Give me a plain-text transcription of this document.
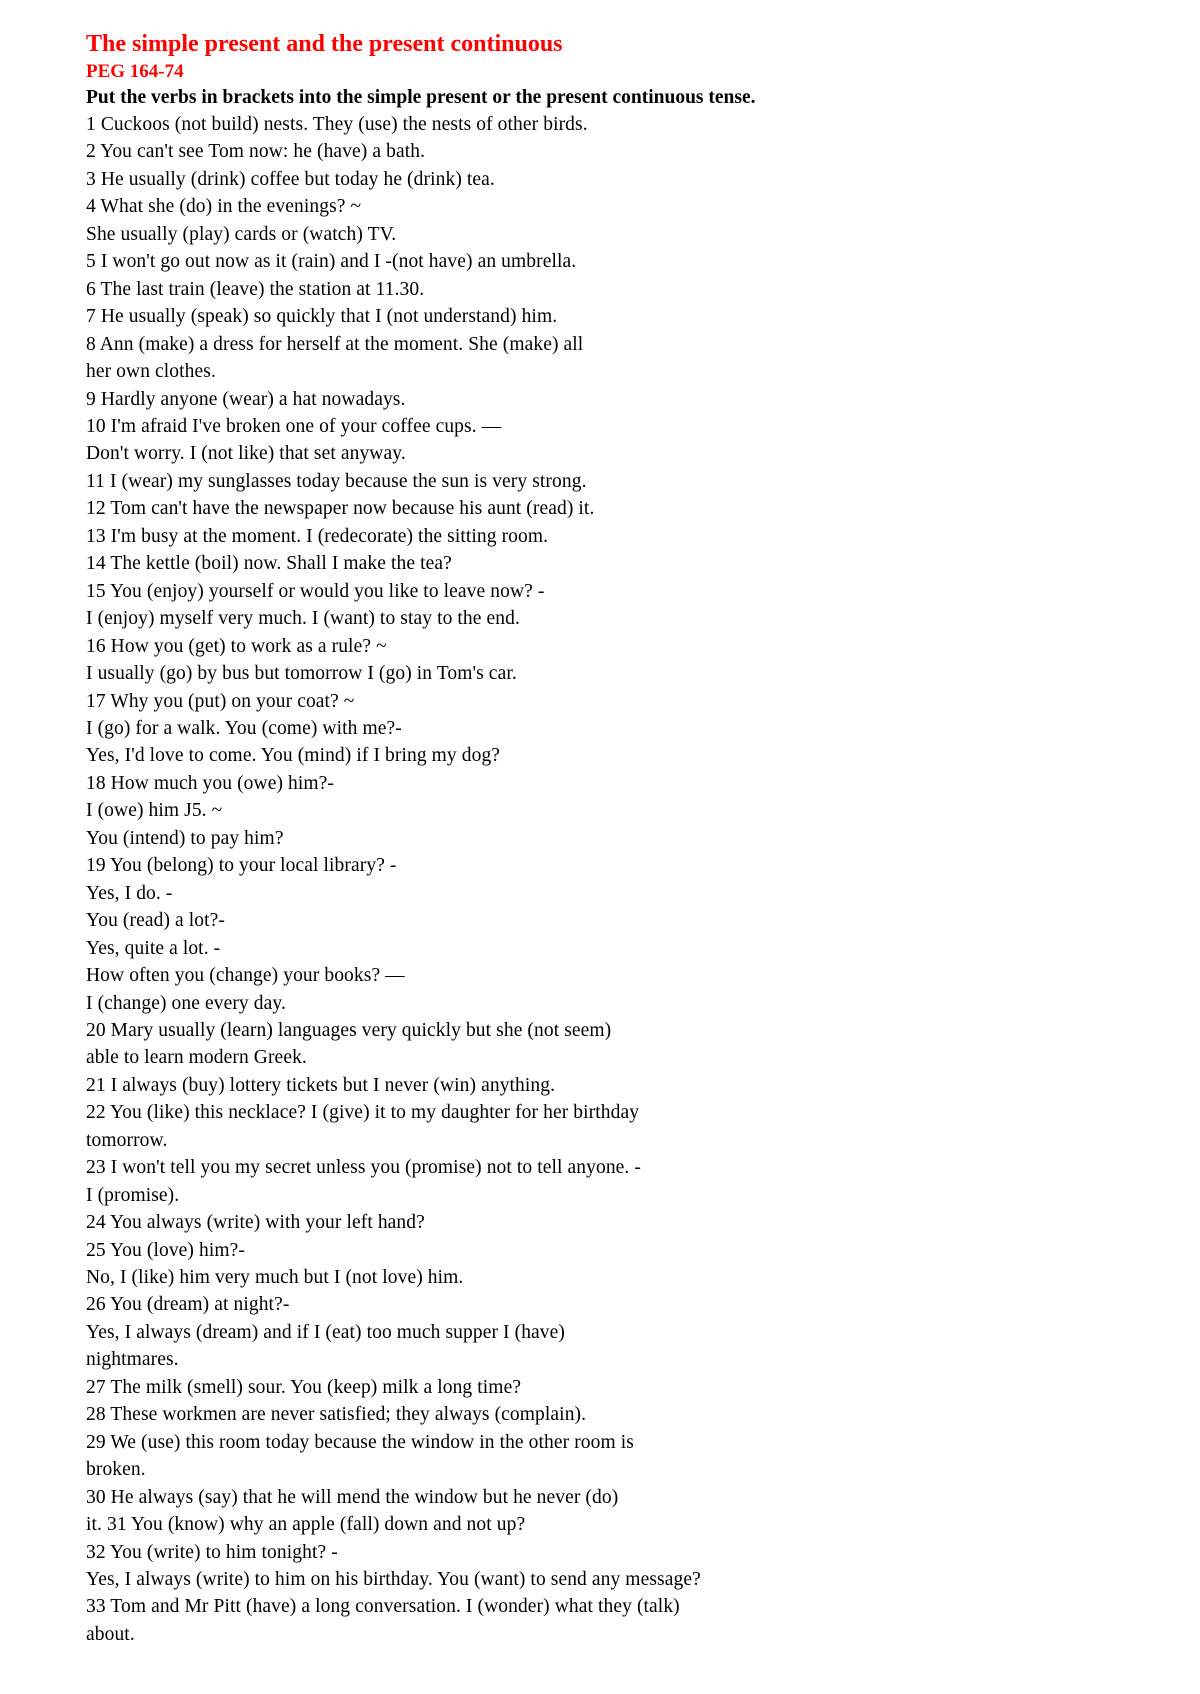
The simple present and the present continuous
PEG 164-74
Put the verbs in brackets into the simple present or the present continuous tense.
1 Cuckoos (not build) nests. They (use) the nests of other birds.
2 You can't see Tom now: he (have) a bath.
3 He usually (drink) coffee but today he (drink) tea.
4 What she (do) in the evenings? ~
She usually (play) cards or (watch) TV.
5 I won't go out now as it (rain) and I -(not have) an umbrella.
6 The last train (leave) the station at 11.30.
7 He usually (speak) so quickly that I (not understand) him.
8 Ann (make) a dress for herself at the moment. She (make) all
her own clothes.
9 Hardly anyone (wear) a hat nowadays.
10 I'm afraid I've broken one of your coffee cups. —
Don't worry. I (not like) that set anyway.
11 I (wear) my sunglasses today because the sun is very strong.
12 Tom can't have the newspaper now because his aunt (read) it.
13 I'm busy at the moment. I (redecorate) the sitting room.
14 The kettle (boil) now. Shall I make the tea?
15 You (enjoy) yourself or would you like to leave now? -
I (enjoy) myself very much. I (want) to stay to the end.
16 How you (get) to work as a rule? ~
I usually (go) by bus but tomorrow I (go) in Tom's car.
17 Why you (put) on your coat? ~
I (go) for a walk. You (come) with me?-
Yes, I'd love to come. You (mind) if I bring my dog?
18 How much you (owe) him?-
I (owe) him J5. ~
You (intend) to pay him?
19 You (belong) to your local library? -
Yes, I do. -
You (read) a lot?-
Yes, quite a lot. -
How often you (change) your books? —
I (change) one every day.
20 Mary usually (learn) languages very quickly but she (not seem)
able to learn modern Greek.
21 I always (buy) lottery tickets but I never (win) anything.
22 You (like) this necklace? I (give) it to my daughter for her birthday
tomorrow.
23 I won't tell you my secret unless you (promise) not to tell anyone. -
I (promise).
24 You always (write) with your left hand?
25 You (love) him?-
No, I (like) him very much but I (not love) him.
26 You (dream) at night?-
Yes, I always (dream) and if I (eat) too much supper I (have)
nightmares.
27 The milk (smell) sour. You (keep) milk a long time?
28 These workmen are never satisfied; they always (complain).
29 We (use) this room today because the window in the other room is
broken.
30 He always (say) that he will mend the window but he never (do)
it. 31 You (know) why an apple (fall) down and not up?
32 You (write) to him tonight? -
Yes, I always (write) to him on his birthday. You (want) to send any message?
33 Tom and Mr Pitt (have) a long conversation. I (wonder) what they (talk)
about.
